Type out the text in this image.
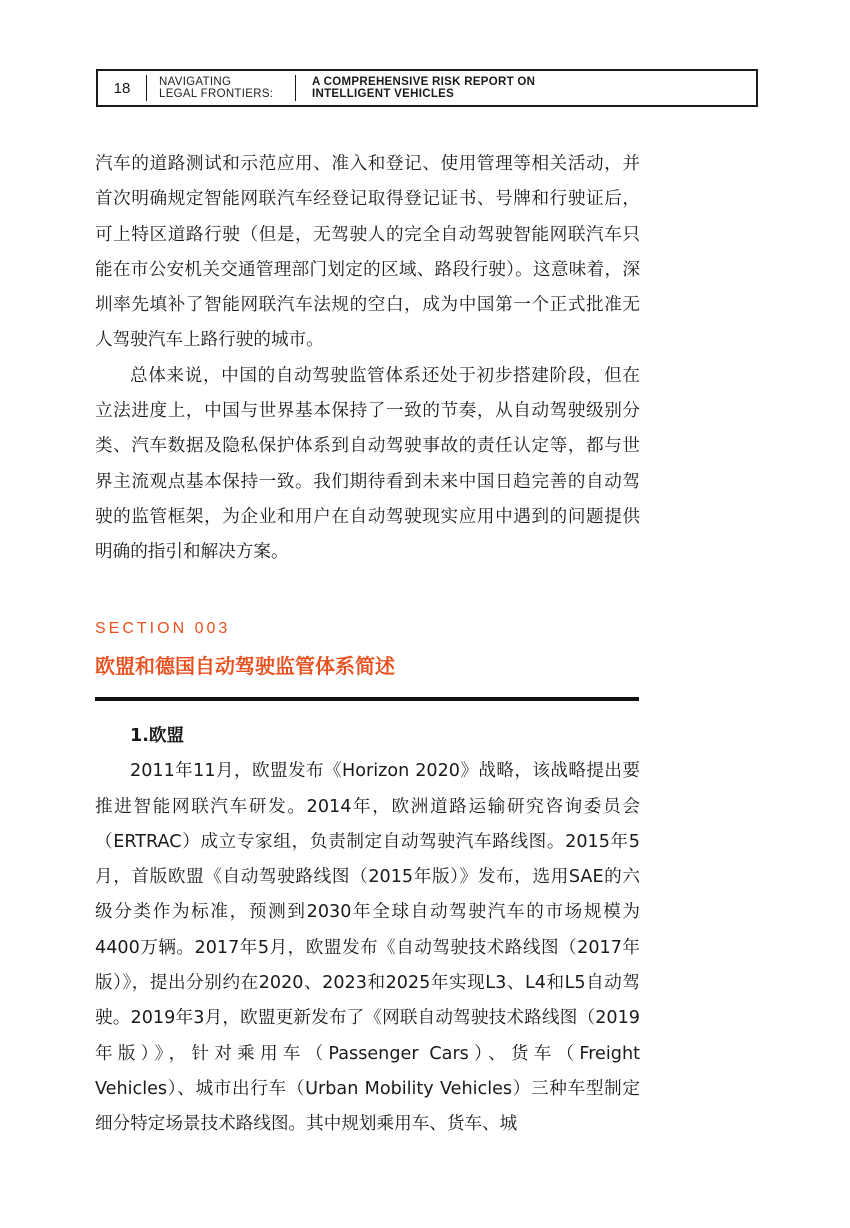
18	NAVIGATING
LEGAL FRONTIERS:
A COMPREHENSIVE RISK REPORT ON
INTELLIGENT VEHICLES

汽车的道路测试和示范应用、准入和登记、使用管理等相关活动，并首次明确规定智能网联汽车经登记取得登记证书、号牌和行驶证后，可上特区道路行驶（但是，无驾驶人的完全自动驾驶智能网联汽车只能在市公安机关交通管理部门划定的区域、路段行驶）。这意味着，深圳率先填补了智能网联汽车法规的空白，成为中国第一个正式批准无人驾驶汽车上路行驶的城市。

总体来说，中国的自动驾驶监管体系还处于初步搭建阶段，但在立法进度上，中国与世界基本保持了一致的节奏，从自动驾驶级别分类、汽车数据及隐私保护体系到自动驾驶事故的责任认定等，都与世界主流观点基本保持一致。我们期待看到未来中国日趋完善的自动驾驶的监管框架，为企业和用户在自动驾驶现实应用中遇到的问题提供明确的指引和解决方案。

SECTION 003
欧盟和德国自动驾驶监管体系简述

1.欧盟

2011年11月，欧盟发布《Horizon 2020》战略，该战略提出要推进智能网联汽车研发。2014年，欧洲道路运输研究咨询委员会（ERTRAC）成立专家组，负责制定自动驾驶汽车路线图。2015年5月，首版欧盟《自动驾驶路线图（2015年版）》发布，选用SAE的六级分类作为标准，预测到2030年全球自动驾驶汽车的市场规模为4400万辆。2017年5月，欧盟发布《自动驾驶技术路线图（2017年版）》，提出分别约在2020、2023和2025年实现L3、L4和L5自动驾驶。2019年3月，欧盟更新发布了《网联自动驾驶技术路线图（2019年版）》，针对乘用车（Passenger Cars）、货车（Freight Vehicles）、城市出行车（Urban Mobility Vehicles）三种车型制定细分特定场景技术路线图。其中规划乘用车、货车、城
